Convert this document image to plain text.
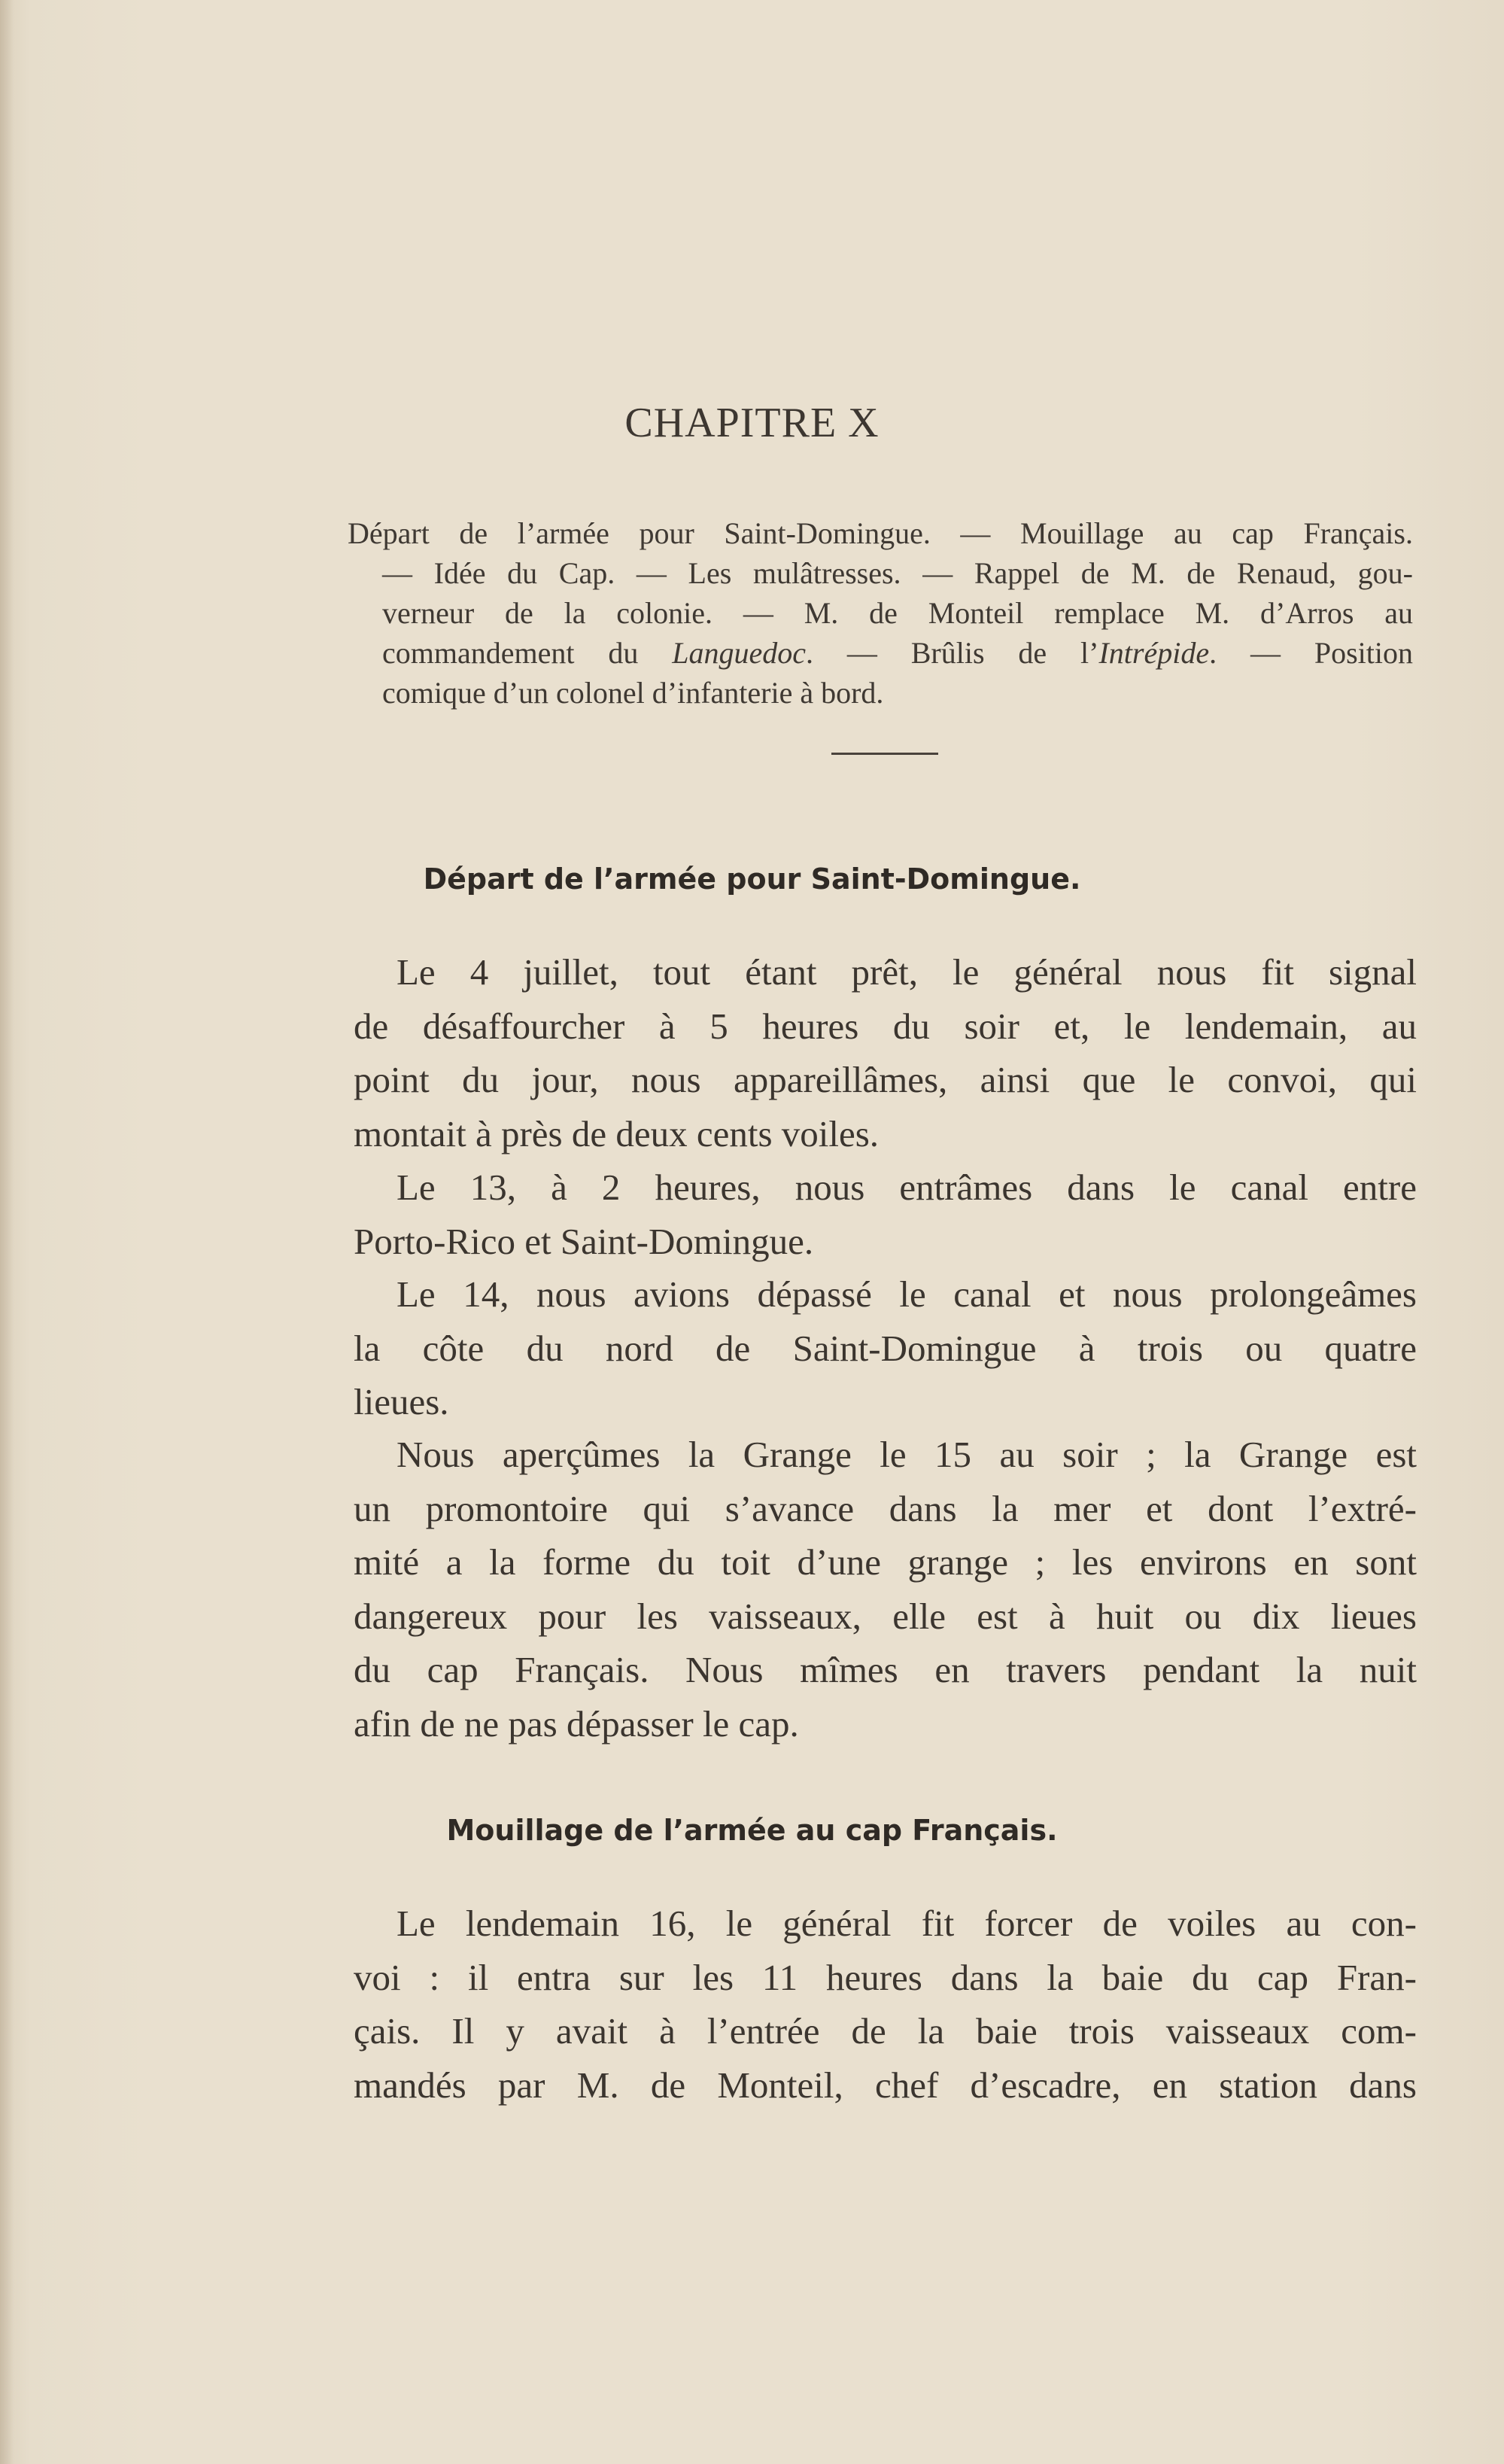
CHAPITRE X
Départ de l’armée pour Saint-Domingue. — Mouillage au cap Français.
— Idée du Cap. — Les mulâtresses. — Rappel de M. de Renaud, gou-
verneur de la colonie. — M. de Monteil remplace M. d’Arros au
commandement du Languedoc. — Brûlis de l’Intrépide. — Position
comique d’un colonel d’infanterie à bord.
Départ de l’armée pour Saint-Domingue.
Le 4 juillet, tout étant prêt, le général nous fit signal
de désaffourcher à 5 heures du soir et, le lendemain, au
point du jour, nous appareillâmes, ainsi que le convoi, qui
montait à près de deux cents voiles.
Le 13, à 2 heures, nous entrâmes dans le canal entre
Porto-Rico et Saint-Domingue.
Le 14, nous avions dépassé le canal et nous prolongeâmes
la côte du nord de Saint-Domingue à trois ou quatre
lieues.
Nous aperçûmes la Grange le 15 au soir ; la Grange est
un promontoire qui s’avance dans la mer et dont l’extré-
mité a la forme du toit d’une grange ; les environs en sont
dangereux pour les vaisseaux, elle est à huit ou dix lieues
du cap Français. Nous mîmes en travers pendant la nuit
afin de ne pas dépasser le cap.
Mouillage de l’armée au cap Français.
Le lendemain 16, le général fit forcer de voiles au con-
voi : il entra sur les 11 heures dans la baie du cap Fran-
çais. Il y avait à l’entrée de la baie trois vaisseaux com-
mandés par M. de Monteil, chef d’escadre, en station dans
